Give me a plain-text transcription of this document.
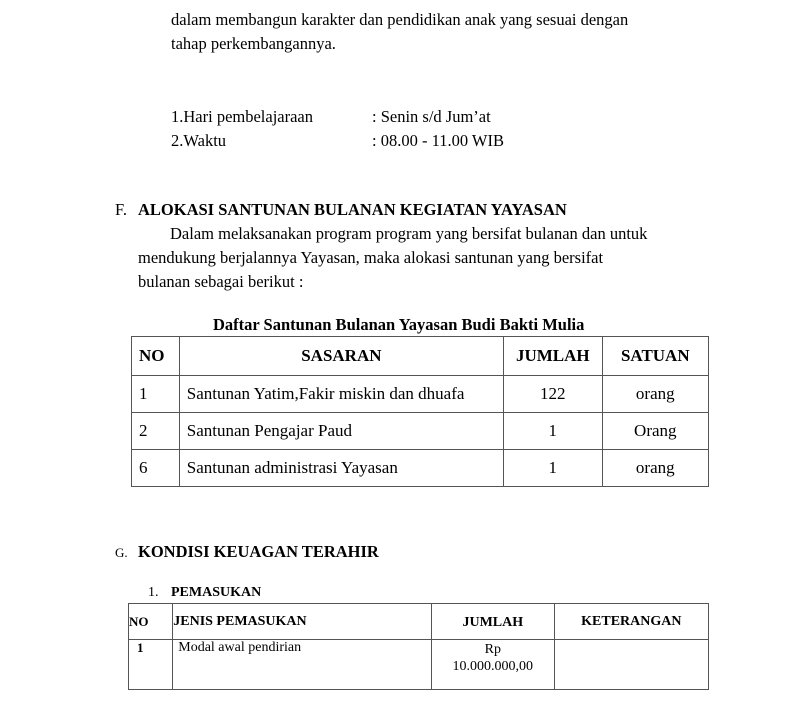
dalam membangun karakter dan pendidikan anak yang sesuai dengan
tahap perkembangannya.
1.Hari pembelajaraan	: Senin s/d Jum’at
2.Waktu	: 08.00 - 11.00 WIB
F. ALOKASI SANTUNAN BULANAN KEGIATAN YAYASAN
Dalam melaksanakan program program yang bersifat bulanan dan untuk
mendukung berjalannya Yayasan, maka alokasi santunan yang bersifat
bulanan sebagai berikut :
Daftar Santunan Bulanan Yayasan Budi Bakti Mulia
NO	SASARAN	JUMLAH	SATUAN
1	Santunan Yatim,Fakir miskin dan dhuafa	122	orang
2	Santunan Pengajar Paud	1	Orang
6	Santunan administrasi Yayasan	1	orang
G. KONDISI KEUAGAN TERAHIR
1. PEMASUKAN
NO	JENIS PEMASUKAN	JUMLAH	KETERANGAN
1	Modal awal pendirian	Rp
10.000.000,00	
